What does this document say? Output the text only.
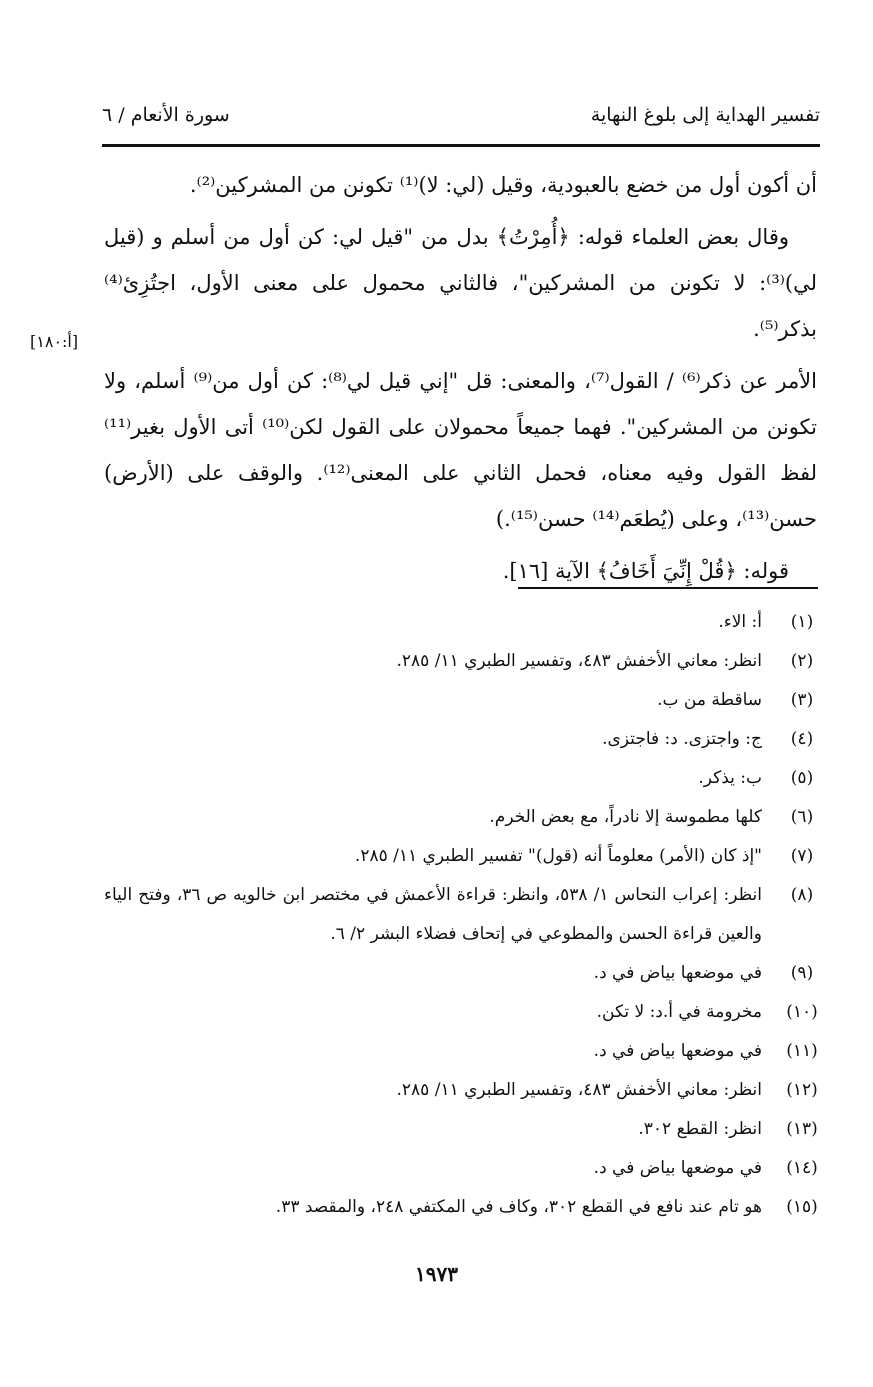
تفسير الهداية إلى بلوغ النهاية
سورة الأنعام / ٦
[أ:١٨٠]

أن أكون أول من خضع بالعبودية، وقيل (لي: لا)⁽¹⁾ تكونن من المشركين⁽²⁾.

وقال بعض العلماء قوله: ﴿أُمِرْتُ﴾ بدل من "قيل لي: كن أول من أسلم و (قيل لي)⁽³⁾: لا تكونن من المشركين"، فالثاني محمول على معنى الأول، اجتُزِئ⁽⁴⁾ بذكر⁽⁵⁾.

الأمر عن ذكر⁽⁶⁾ / القول⁽⁷⁾، والمعنى: قل "إني قيل لي⁽⁸⁾: كن أول من⁽⁹⁾ أسلم، ولا تكونن من المشركين". فهما جميعاً محمولان على القول لكن⁽¹⁰⁾ أتى الأول بغير⁽¹¹⁾ لفظ القول وفيه معناه، فحمل الثاني على المعنى⁽¹²⁾. والوقف على (الأرض) حسن⁽¹³⁾، وعلى (يُطعَم⁽¹⁴⁾ حسن⁽¹⁵⁾.)

قوله: ﴿قُلْ إِنِّيَ أَخَافُ﴾ الآية [١٦].

(١)
أ: الاء.
(٢)
انظر: معاني الأخفش ٤٨٣، وتفسير الطبري ١١/ ٢٨٥.
(٣)
ساقطة من ب.
(٤)
ج: واجتزى. د: فاجتزى.
(٥)
ب: يذكر.
(٦)
كلها مطموسة إلا نادراً، مع بعض الخرم.
(٧)
"إذ كان (الأمر) معلوماً أنه (قول)" تفسير الطبري ١١/ ٢٨٥.
(٨)
انظر: إعراب النحاس ١/ ٥٣٨، وانظر: قراءة الأعمش في مختصر ابن خالويه ص ٣٦، وفتح الياء والعين قراءة الحسن والمطوعي في إتحاف فضلاء البشر ٢/ ٦.
(٩)
في موضعها بياض في د.
(١٠)
مخرومة في أ.د: لا تكن.
(١١)
في موضعها بياض في د.
(١٢)
انظر: معاني الأخفش ٤٨٣، وتفسير الطبري ١١/ ٢٨٥.
(١٣)
انظر: القطع ٣٠٢.
(١٤)
في موضعها بياض في د.
(١٥)
هو تام عند نافع في القطع ٣٠٢، وكاف في المكتفي ٢٤٨، والمقصد ٣٣.
١٩٧٣
